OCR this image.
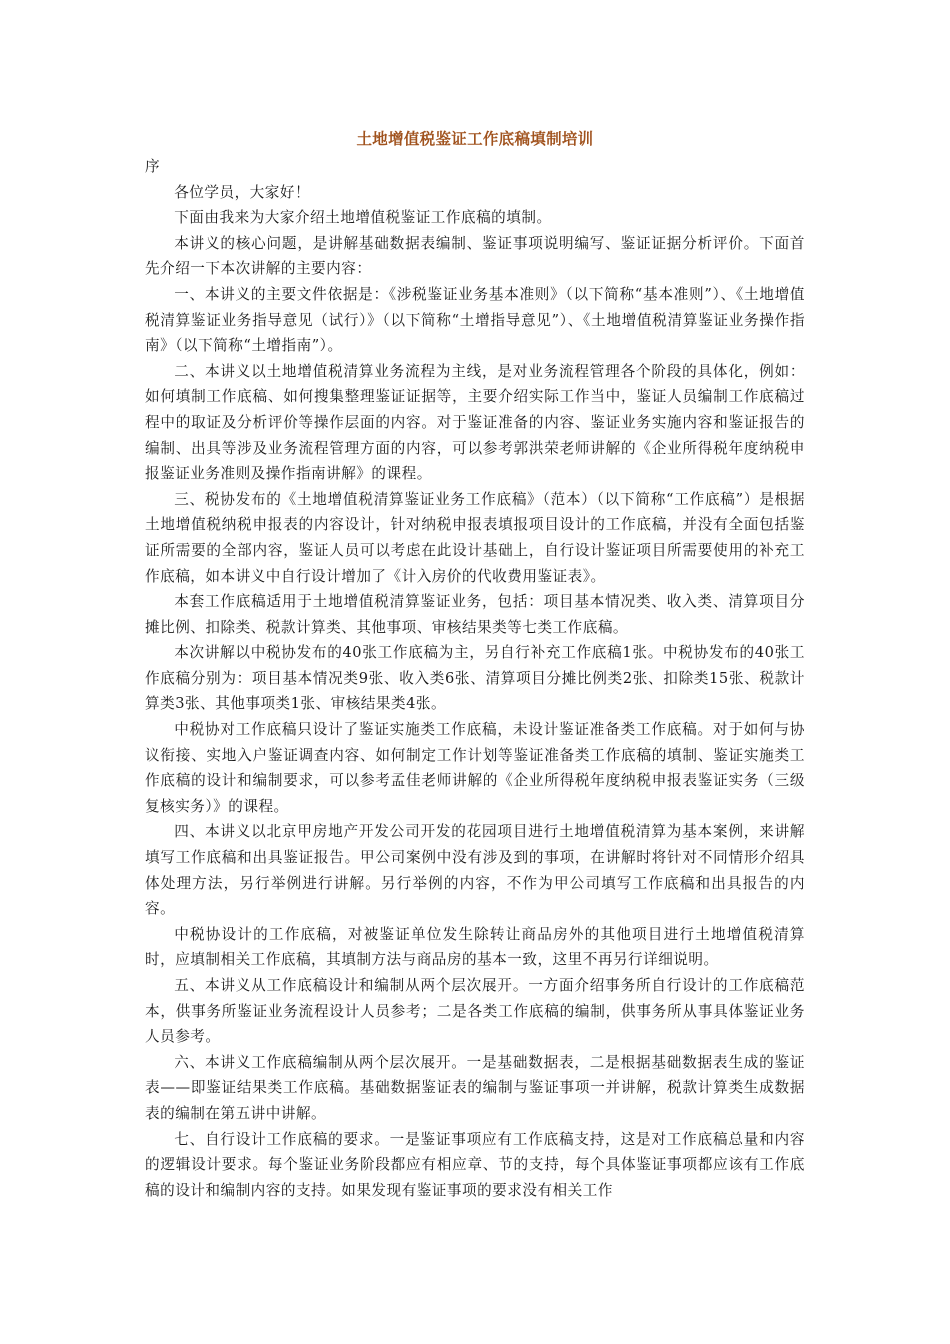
土地增值税鉴证工作底稿填制培训

序

各位学员，大家好！

下面由我来为大家介绍土地增值税鉴证工作底稿的填制。

本讲义的核心问题，是讲解基础数据表编制、鉴证事项说明编写、鉴证证据分析评价。下面首先介绍一下本次讲解的主要内容：

一、本讲义的主要文件依据是：《涉税鉴证业务基本准则》（以下简称“基本准则”）、《土地增值税清算鉴证业务指导意见（试行）》（以下简称“土增指导意见”）、《土地增值税清算鉴证业务操作指南》（以下简称“土增指南”）。

二、本讲义以土地增值税清算业务流程为主线，是对业务流程管理各个阶段的具体化，例如：如何填制工作底稿、如何搜集整理鉴证证据等，主要介绍实际工作当中，鉴证人员编制工作底稿过程中的取证及分析评价等操作层面的内容。对于鉴证准备的内容、鉴证业务实施内容和鉴证报告的编制、出具等涉及业务流程管理方面的内容，可以参考郭洪荣老师讲解的《企业所得税年度纳税申报鉴证业务准则及操作指南讲解》的课程。

三、税协发布的《土地增值税清算鉴证业务工作底稿》（范本）（以下简称“工作底稿”）是根据土地增值税纳税申报表的内容设计，针对纳税申报表填报项目设计的工作底稿，并没有全面包括鉴证所需要的全部内容，鉴证人员可以考虑在此设计基础上，自行设计鉴证项目所需要使用的补充工作底稿，如本讲义中自行设计增加了《计入房价的代收费用鉴证表》。

本套工作底稿适用于土地增值税清算鉴证业务，包括：项目基本情况类、收入类、清算项目分摊比例、扣除类、税款计算类、其他事项、审核结果类等七类工作底稿。

本次讲解以中税协发布的40张工作底稿为主，另自行补充工作底稿1张。中税协发布的40张工作底稿分别为：项目基本情况类9张、收入类6张、清算项目分摊比例类2张、扣除类15张、税款计算类3张、其他事项类1张、审核结果类4张。

中税协对工作底稿只设计了鉴证实施类工作底稿，未设计鉴证准备类工作底稿。对于如何与协议衔接、实地入户鉴证调查内容、如何制定工作计划等鉴证准备类工作底稿的填制、鉴证实施类工作底稿的设计和编制要求，可以参考孟佳老师讲解的《企业所得税年度纳税申报表鉴证实务（三级复核实务）》的课程。

四、本讲义以北京甲房地产开发公司开发的花园项目进行土地增值税清算为基本案例，来讲解填写工作底稿和出具鉴证报告。甲公司案例中没有涉及到的事项，在讲解时将针对不同情形介绍具体处理方法，另行举例进行讲解。另行举例的内容，不作为甲公司填写工作底稿和出具报告的内容。

中税协设计的工作底稿，对被鉴证单位发生除转让商品房外的其他项目进行土地增值税清算时，应填制相关工作底稿，其填制方法与商品房的基本一致，这里不再另行详细说明。

五、本讲义从工作底稿设计和编制从两个层次展开。一方面介绍事务所自行设计的工作底稿范本，供事务所鉴证业务流程设计人员参考；二是各类工作底稿的编制，供事务所从事具体鉴证业务人员参考。

六、本讲义工作底稿编制从两个层次展开。一是基础数据表，二是根据基础数据表生成的鉴证表——即鉴证结果类工作底稿。基础数据鉴证表的编制与鉴证事项一并讲解，税款计算类生成数据表的编制在第五讲中讲解。

七、自行设计工作底稿的要求。一是鉴证事项应有工作底稿支持，这是对工作底稿总量和内容的逻辑设计要求。每个鉴证业务阶段都应有相应章、节的支持，每个具体鉴证事项都应该有工作底稿的设计和编制内容的支持。如果发现有鉴证事项的要求没有相关工作
